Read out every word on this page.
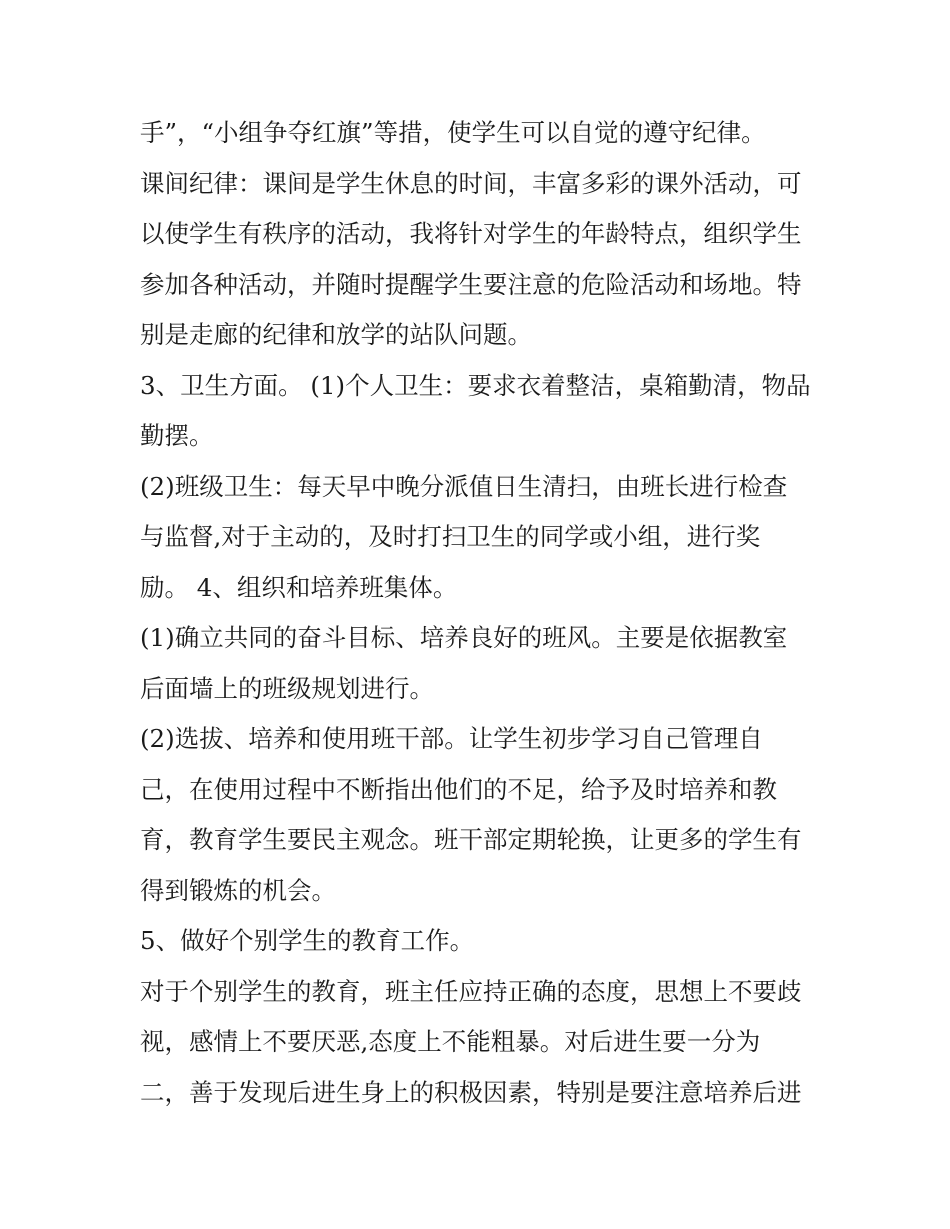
手”，“小组争夺红旗”等措，使学生可以自觉的遵守纪律。
课间纪律：课间是学生休息的时间，丰富多彩的课外活动，可
以使学生有秩序的活动，我将针对学生的年龄特点，组织学生
参加各种活动，并随时提醒学生要注意的危险活动和场地。特
别是走廊的纪律和放学的站队问题。
3、卫生方面。 (1)个人卫生：要求衣着整洁，桌箱勤清，物品
勤摆。
(2)班级卫生：每天早中晚分派值日生清扫，由班长进行检查
与监督,对于主动的，及时打扫卫生的同学或小组，进行奖
励。 4、组织和培养班集体。
(1)确立共同的奋斗目标、培养良好的班风。主要是依据教室
后面墙上的班级规划进行。
(2)选拔、培养和使用班干部。让学生初步学习自己管理自
己，在使用过程中不断指出他们的不足，给予及时培养和教
育，教育学生要民主观念。班干部定期轮换，让更多的学生有
得到锻炼的机会。
5、做好个别学生的教育工作。
对于个别学生的教育，班主任应持正确的态度，思想上不要歧
视，感情上不要厌恶,态度上不能粗暴。对后进生要一分为
二，善于发现后进生身上的积极因素，特别是要注意培养后进
